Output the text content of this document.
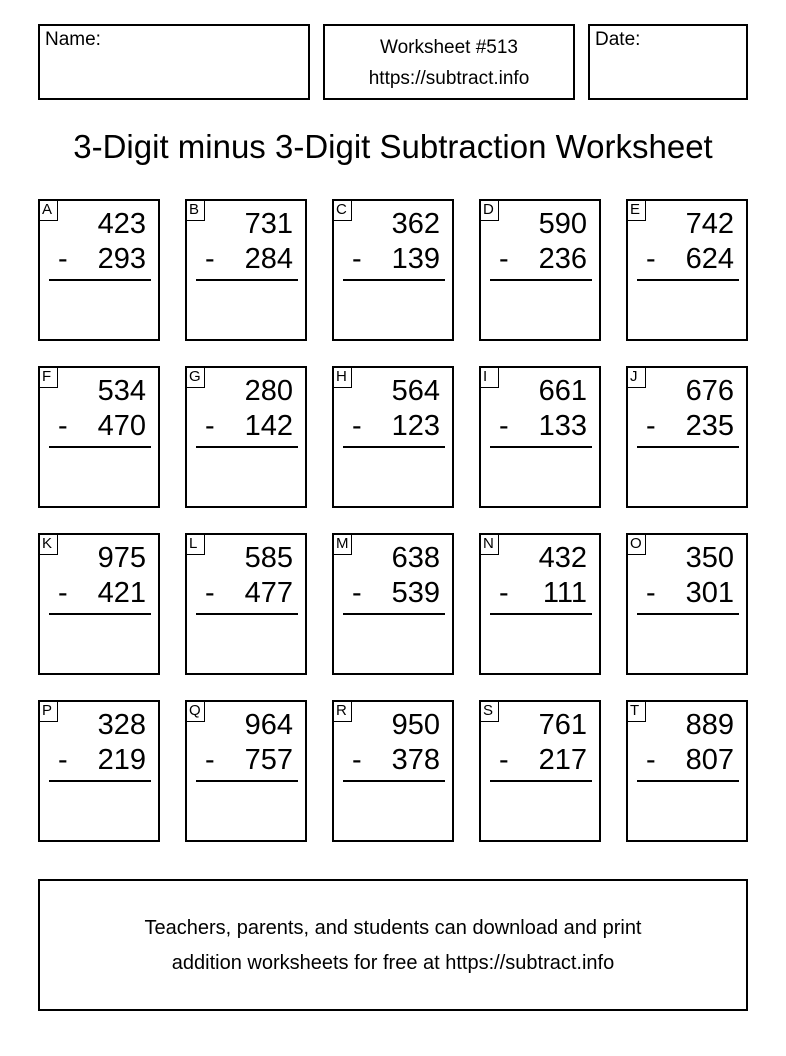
Name:	Worksheet #513
https://subtract.info
Date:
3-Digit minus 3-Digit Subtraction Worksheet
A 423
- 293
B 731
- 284
C 362
- 139
D 590
- 236
E 742
- 624
F 534
- 470
G 280
- 142
H 564
- 123
I	661
- 133
J 676
- 235
K 975
- 421
L 585
- 477
M 638
- 539
N 432
- 111
O 350
- 301
P 328
- 219
Q 964
- 757
R 950
- 378
S 761
- 217
T 889
- 807
Teachers, parents, and students can download and print
addition worksheets for free at https://subtract.info
